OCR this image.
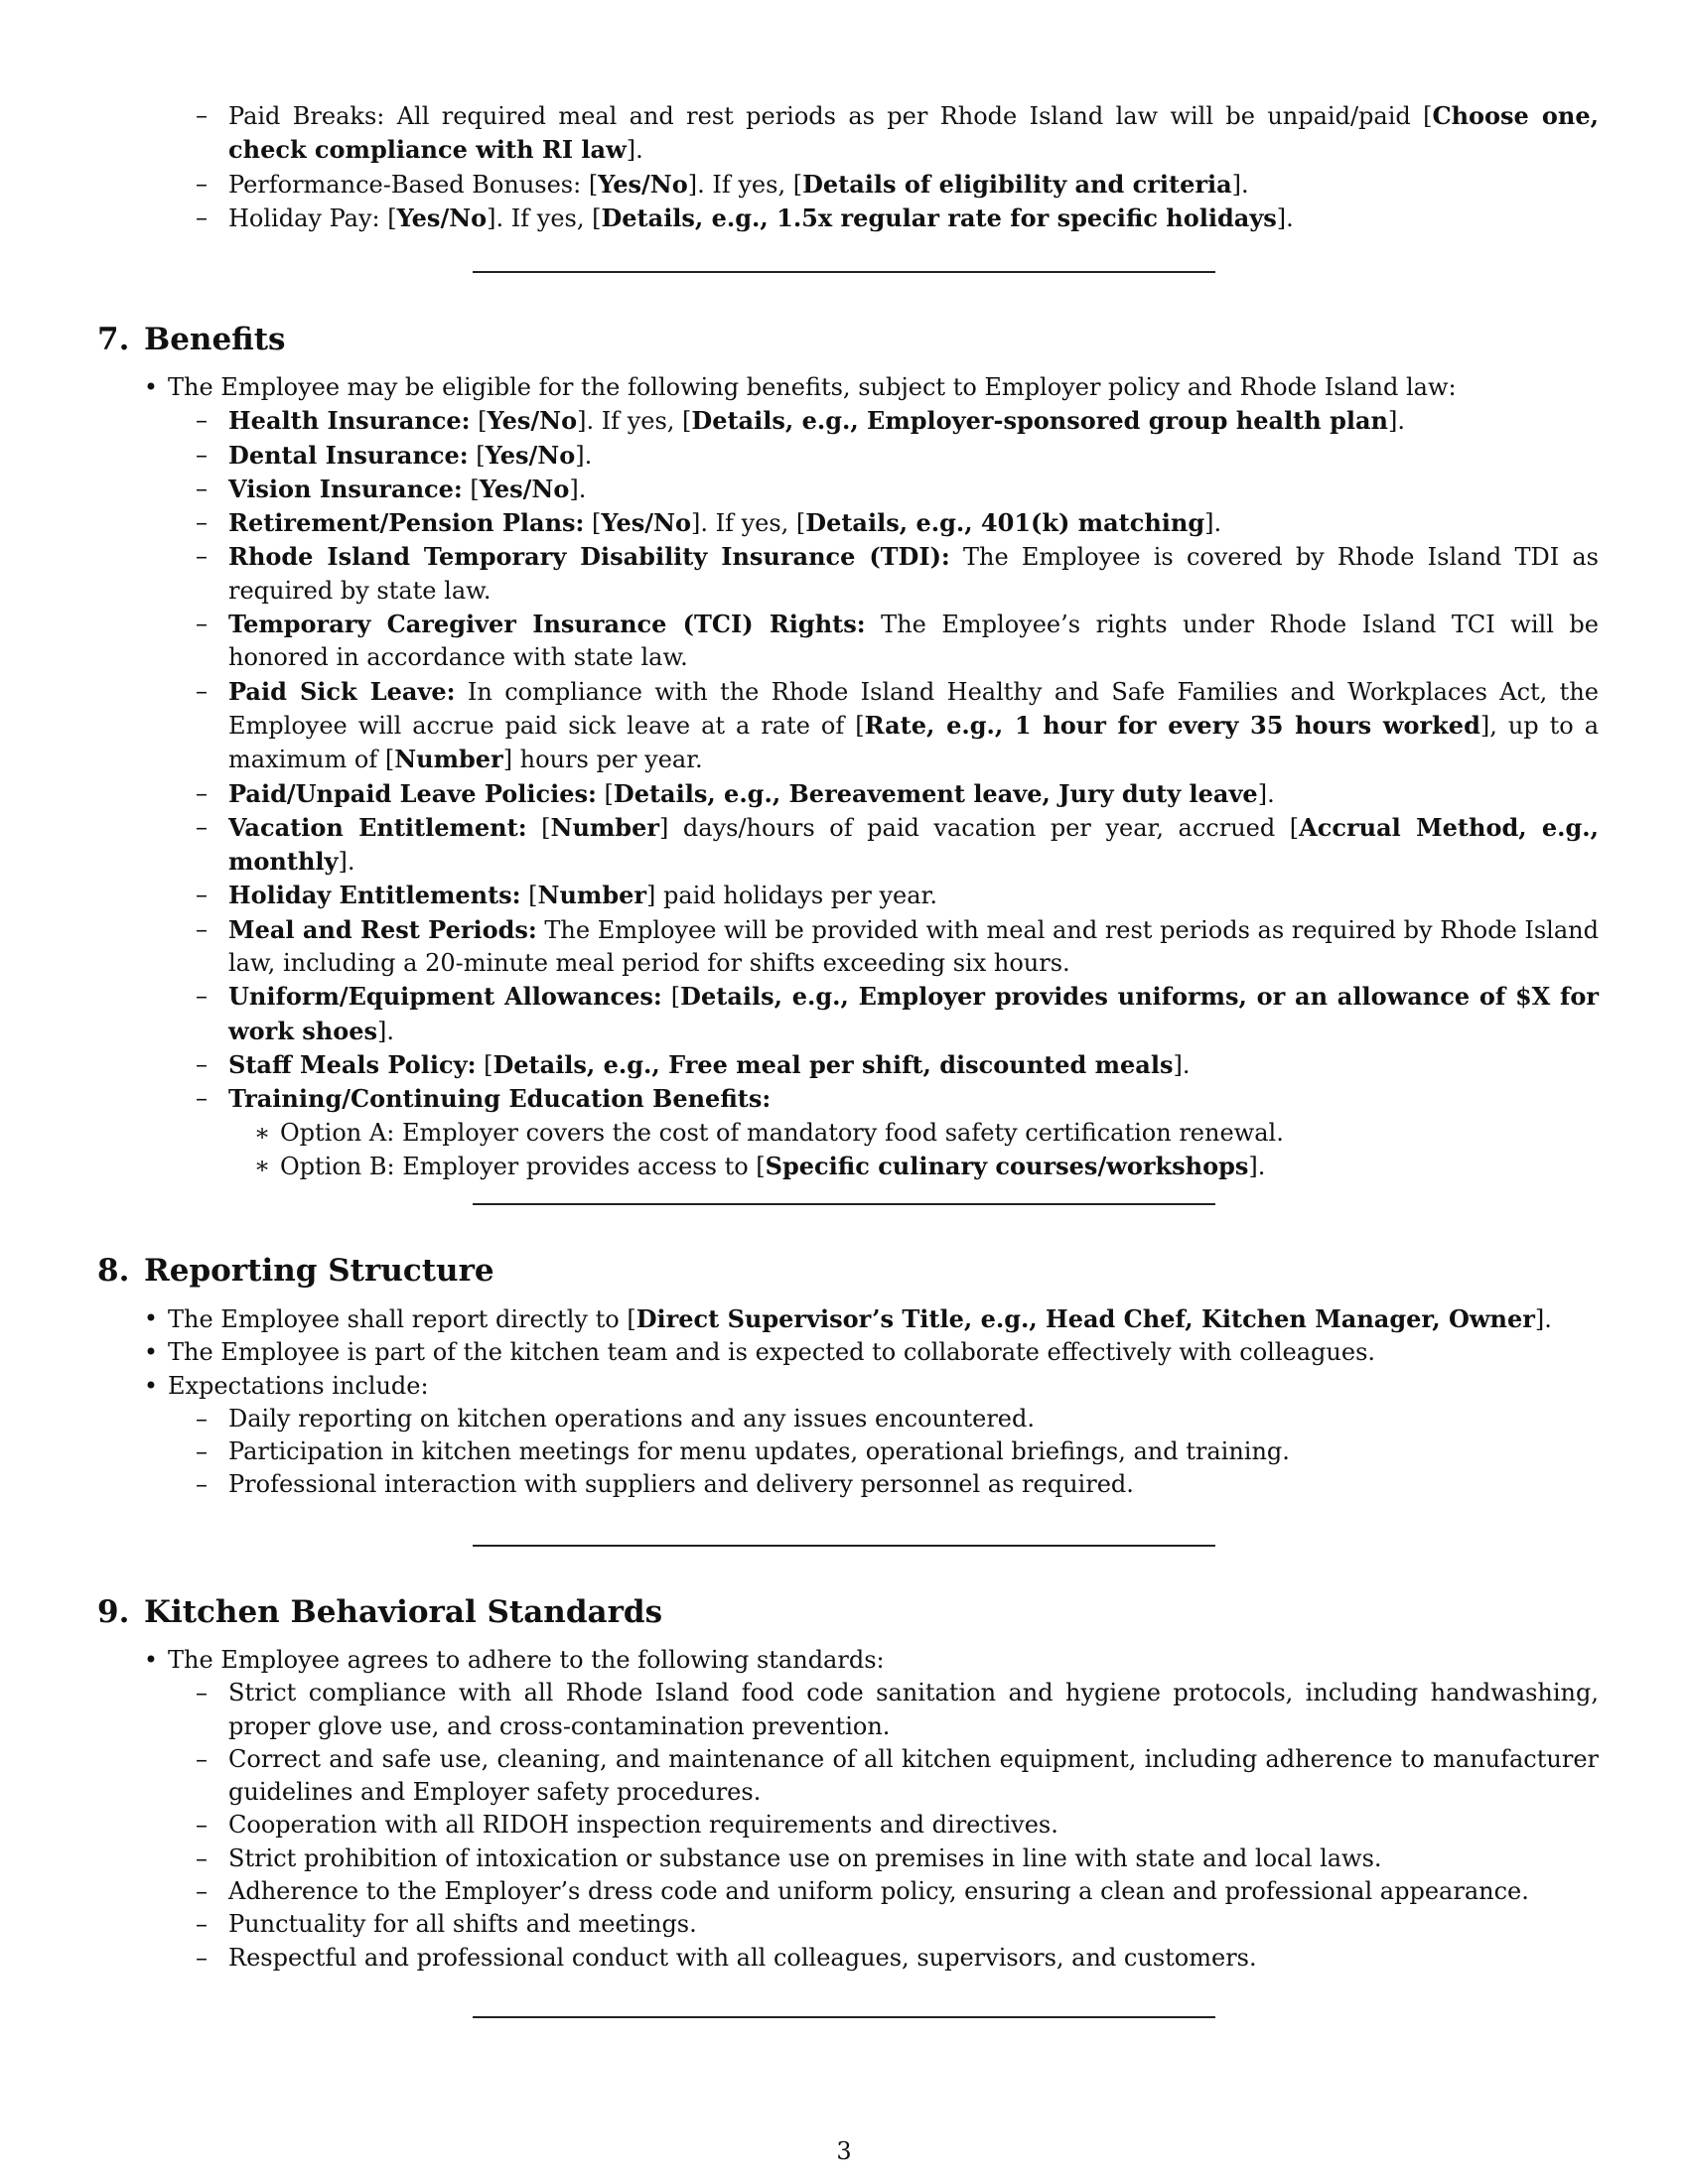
– Paid Breaks: All required meal and rest periods as per Rhode Island law will be unpaid/paid [Choose one, check compliance with RI law].
– Performance-Based Bonuses: [Yes/No]. If yes, [Details of eligibility and criteria].
– Holiday Pay: [Yes/No]. If yes, [Details, e.g., 1.5x regular rate for specific holidays].
7. Benefits
• The Employee may be eligible for the following benefits, subject to Employer policy and Rhode Island law:
– Health Insurance: [Yes/No]. If yes, [Details, e.g., Employer-sponsored group health plan].
– Dental Insurance: [Yes/No].
– Vision Insurance: [Yes/No].
– Retirement/Pension Plans: [Yes/No]. If yes, [Details, e.g., 401(k) matching].
– Rhode Island Temporary Disability Insurance (TDI): The Employee is covered by Rhode Island TDI as required by state law.
– Temporary Caregiver Insurance (TCI) Rights: The Employee’s rights under Rhode Island TCI will be honored in accordance with state law.
– Paid Sick Leave: In compliance with the Rhode Island Healthy and Safe Families and Workplaces Act, the Employee will accrue paid sick leave at a rate of [Rate, e.g., 1 hour for every 35 hours worked], up to a maximum of [Number] hours per year.
– Paid/Unpaid Leave Policies: [Details, e.g., Bereavement leave, Jury duty leave].
– Vacation Entitlement: [Number] days/hours of paid vacation per year, accrued [Accrual Method, e.g., monthly].
– Holiday Entitlements: [Number] paid holidays per year.
– Meal and Rest Periods: The Employee will be provided with meal and rest periods as required by Rhode Island law, including a 20-minute meal period for shifts exceeding six hours.
– Uniform/Equipment Allowances: [Details, e.g., Employer provides uniforms, or an allowance of $X for work shoes].
– Staff Meals Policy: [Details, e.g., Free meal per shift, discounted meals].
– Training/Continuing Education Benefits:
∗ Option A: Employer covers the cost of mandatory food safety certification renewal.
∗ Option B: Employer provides access to [Specific culinary courses/workshops].
8. Reporting Structure
• The Employee shall report directly to [Direct Supervisor’s Title, e.g., Head Chef, Kitchen Manager, Owner].
• The Employee is part of the kitchen team and is expected to collaborate effectively with colleagues.
• Expectations include:
– Daily reporting on kitchen operations and any issues encountered.
– Participation in kitchen meetings for menu updates, operational briefings, and training.
– Professional interaction with suppliers and delivery personnel as required.
9. Kitchen Behavioral Standards
• The Employee agrees to adhere to the following standards:
– Strict compliance with all Rhode Island food code sanitation and hygiene protocols, including handwashing, proper glove use, and cross-contamination prevention.
– Correct and safe use, cleaning, and maintenance of all kitchen equipment, including adherence to manufacturer guidelines and Employer safety procedures.
– Cooperation with all RIDOH inspection requirements and directives.
– Strict prohibition of intoxication or substance use on premises in line with state and local laws.
– Adherence to the Employer’s dress code and uniform policy, ensuring a clean and professional appearance.
– Punctuality for all shifts and meetings.
– Respectful and professional conduct with all colleagues, supervisors, and customers.
3
